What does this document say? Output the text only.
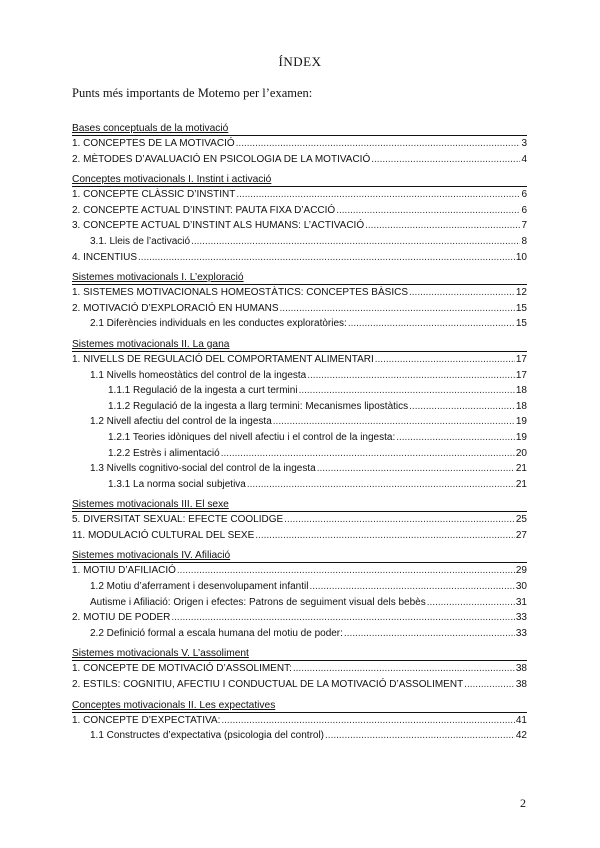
ÍNDEX
Punts més importants de Motemo per l’examen:
Bases conceptuals de la motivació
1. CONCEPTES DE LA MOTIVACIÓ .....	3
2. MÈTODES D’AVALUACIÓ EN PSICOLOGIA DE LA MOTIVACIÓ .....	4
Conceptes motivacionals I. Instint i activació
1. CONCEPTE CLÀSSIC D’INSTINT .....	6
2. CONCEPTE ACTUAL D’INSTINT: PAUTA FIXA D’ACCIÓ .....	6
3. CONCEPTE ACTUAL D’INSTINT ALS HUMANS: L’ACTIVACIÓ .....	7
3.1. Lleis de l’activació .....	8
4. INCENTIUS .....	10
Sistemes motivacionals I. L’exploració
1. SISTEMES MOTIVACIONALS HOMEOSTÀTICS: CONCEPTES BÀSICS .....	12
2. MOTIVACIÓ D’EXPLORACIÓ EN HUMANS .....	15
2.1 Diferències individuals en les conductes exploratòries: .....	15
Sistemes motivacionals II. La gana
1. NIVELLS DE REGULACIÓ DEL COMPORTAMENT ALIMENTARI .....	17
1.1 Nivells homeostàtics del control de la ingesta .....	17
1.1.1 Regulació de la ingesta a curt termini .....	18
1.1.2 Regulació de la ingesta a llarg termini: Mecanismes lipostàtics .....	18
1.2 Nivell afectiu del control de la ingesta .....	19
1.2.1 Teories idòniques del nivell afectiu i el control de la ingesta: .....	19
1.2.2 Estrès i alimentació .....	20
1.3 Nivells cognitivo-social del control de la ingesta .....	21
1.3.1 La norma social subjetiva .....	21
Sistemes motivacionals III. El sexe
5. DIVERSITAT SEXUAL: EFECTE COOLIDGE .....	25
11. MODULACIÓ CULTURAL DEL SEXE .....	27
Sistemes motivacionals IV. Afiliació
1. MOTIU D’AFILIACIÓ .....	29
1.2 Motiu d’aferrament i desenvolupament infantil .....	30
Autisme i Afiliació: Origen i efectes: Patrons de seguiment visual dels bebès .....	31
2. MOTIU DE PODER .....	33
2.2 Definició formal a escala humana del motiu de poder: .....	33
Sistemes motivacionals V. L’assoliment
1. CONCEPTE DE MOTIVACIÓ D’ASSOLIMENT: .....	38
2. ESTILS: COGNITIU, AFECTIU I CONDUCTUAL DE LA MOTIVACIÓ D’ASSOLIMENT .....	38
Conceptes motivacionals II. Les expectatives
1. CONCEPTE D’EXPECTATIVA: .....	41
1.1 Constructes d’expectativa (psicologia del control) .....	42
2
